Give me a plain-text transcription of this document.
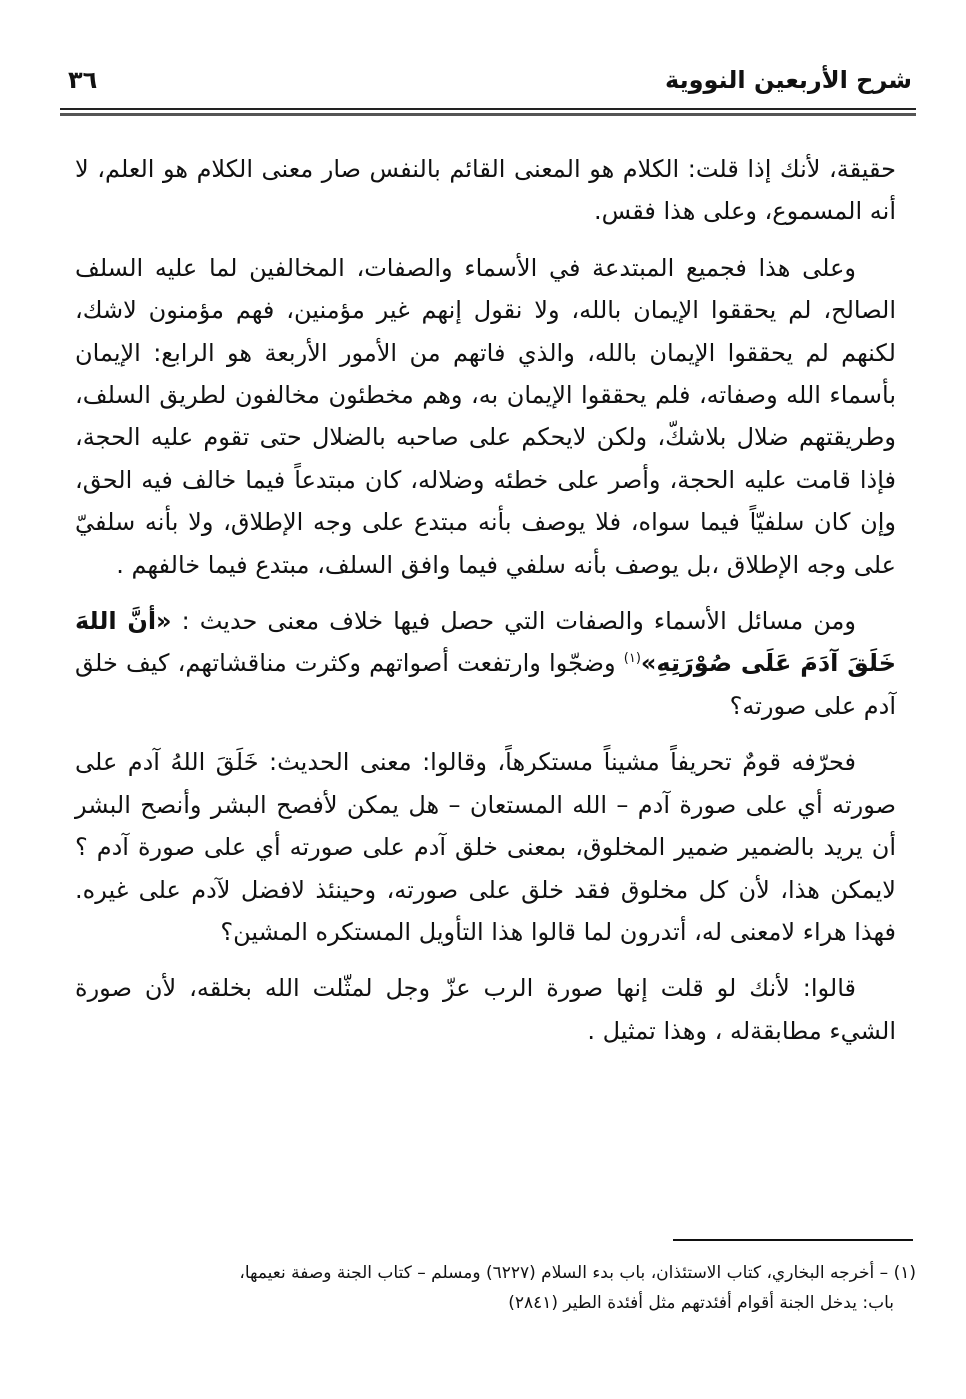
شرح الأربعين النووية
٣٦

حقيقة، لأنك إذا قلت: الكلام هو المعنى القائم بالنفس صار معنى الكلام هو العلم، لا أنه المسموع، وعلى هذا فقس.

وعلى هذا فجميع المبتدعة في الأسماء والصفات، المخالفين لما عليه السلف الصالح، لم يحققوا الإيمان بالله، ولا نقول إنهم غير مؤمنين، فهم مؤمنون لاشك، لكنهم لم يحققوا الإيمان بالله، والذي فاتهم من الأمور الأربعة هو الرابع: الإيمان بأسماء الله وصفاته، فلم يحققوا الإيمان به، وهم مخطئون مخالفون لطريق السلف، وطريقتهم ضلال بلاشكّ، ولكن لايحكم على صاحبه بالضلال حتى تقوم عليه الحجة، فإذا قامت عليه الحجة، وأصر على خطئه وضلاله، كان مبتدعاً فيما خالف فيه الحق، وإن كان سلفيّاً فيما سواه، فلا يوصف بأنه مبتدع على وجه الإطلاق، ولا بأنه سلفيّ على وجه الإطلاق ،بل يوصف بأنه سلفي فيما وافق السلف، مبتدع فيما خالفهم .

ومن مسائل الأسماء والصفات التي حصل فيها خلاف معنى حديث : «أنَّ اللهَ خَلَقَ آدَمَ عَلَى صُوْرَتِهِ»$^{(١)}$ وضجّوا وارتفعت أصواتهم وكثرت مناقشاتهم، كيف خلق آدم على صورته؟

فحرّفه قومٌ تحريفاً مشيناً مستكرهاً، وقالوا: معنى الحديث: خَلَقَ اللهُ آدم على صورته أي على صورة آدم – الله المستعان – هل يمكن لأفصح البشر وأنصح البشر أن يريد بالضمير ضمير المخلوق، بمعنى خلق آدم على صورته أي على صورة آدم ؟ لايمكن هذا، لأن كل مخلوق فقد خلق على صورته، وحينئذ لافضل لآدم على غيره. فهذا هراء لامعنى له، أتدرون لما قالوا هذا التأويل المستكره المشين؟

قالوا: لأنك لو قلت إنها صورة الرب عزّ وجل لمثّلت الله بخلقه، لأن صورة الشيء مطابقةله ، وهذا تمثيل .

(١) – أخرجه البخاري، كتاب الاستئذان، باب بدء السلام (٦٢٢٧) ومسلم – كتاب الجنة وصفة نعيمها،
باب: يدخل الجنة أقوام أفئدتهم مثل أفئدة الطير (٢٨٤١)
